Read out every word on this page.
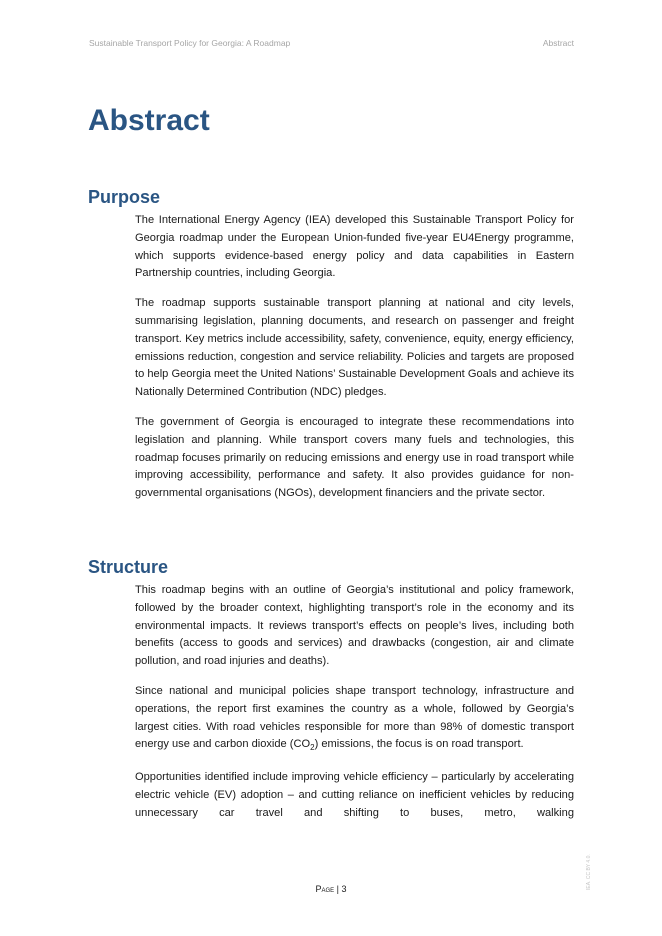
Sustainable Transport Policy for Georgia: A Roadmap	Abstract
Abstract
Purpose

The International Energy Agency (IEA) developed this Sustainable Transport Policy for Georgia roadmap under the European Union-funded five-year EU4Energy programme, which supports evidence-based energy policy and data capabilities in Eastern Partnership countries, including Georgia.

The roadmap supports sustainable transport planning at national and city levels, summarising legislation, planning documents, and research on passenger and freight transport. Key metrics include accessibility, safety, convenience, equity, energy efficiency, emissions reduction, congestion and service reliability. Policies and targets are proposed to help Georgia meet the United Nations’ Sustainable Development Goals and achieve its Nationally Determined Contribution (NDC) pledges.

The government of Georgia is encouraged to integrate these recommendations into legislation and planning. While transport covers many fuels and technologies, this roadmap focuses primarily on reducing emissions and energy use in road transport while improving accessibility, performance and safety. It also provides guidance for non-governmental organisations (NGOs), development financiers and the private sector.

Structure

This roadmap begins with an outline of Georgia’s institutional and policy framework, followed by the broader context, highlighting transport’s role in the economy and its environmental impacts. It reviews transport’s effects on people’s lives, including both benefits (access to goods and services) and drawbacks (congestion, air and climate pollution, and road injuries and deaths).

Since national and municipal policies shape transport technology, infrastructure and operations, the report first examines the country as a whole, followed by Georgia’s largest cities. With road vehicles responsible for more than 98% of domestic transport energy use and carbon dioxide $(CO_2)$ emissions, the focus is on road transport.

Opportunities identified include improving vehicle efficiency – particularly by accelerating electric vehicle (EV) adoption – and cutting reliance on inefficient vehicles by reducing unnecessary car travel and shifting to buses, metro, walking

Page | 3	IEA. CC BY 4.0.
